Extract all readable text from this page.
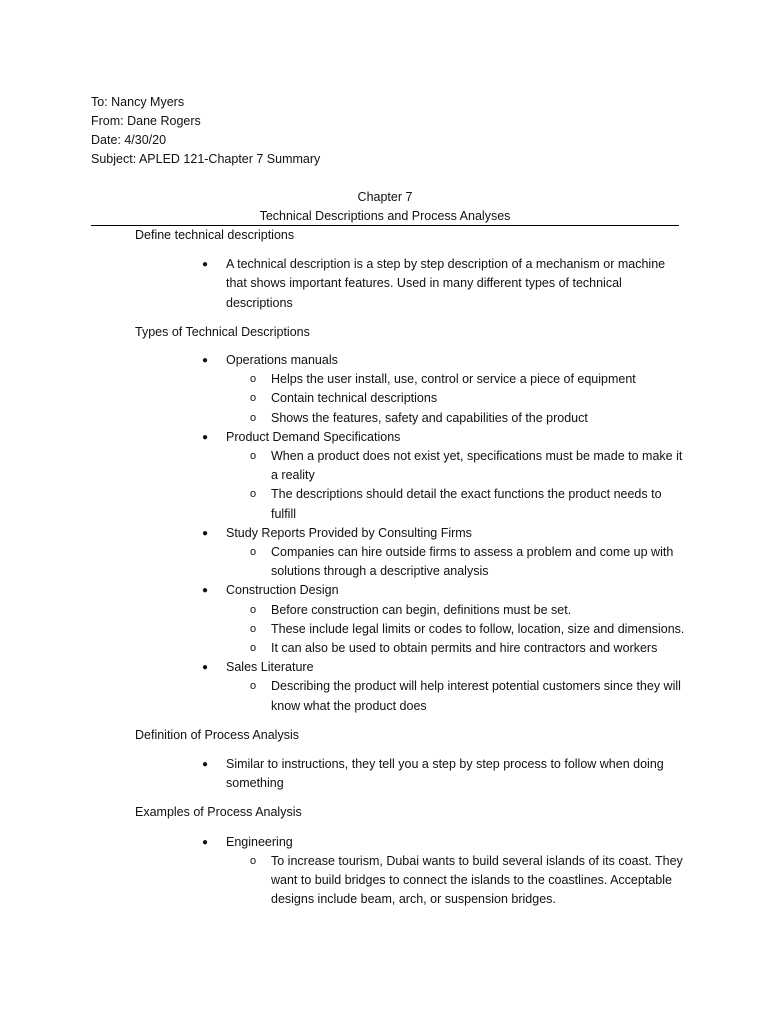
To: Nancy Myers
From: Dane Rogers
Date: 4/30/20
Subject: APLED 121-Chapter 7 Summary
Chapter 7
Technical Descriptions and Process Analyses
Define technical descriptions
● A technical description is a step by step description of a mechanism or machine that shows important features. Used in many different types of technical descriptions
Types of Technical Descriptions
● Operations manuals
o Helps the user install, use, control or service a piece of equipment
o Contain technical descriptions
o Shows the features, safety and capabilities of the product
● Product Demand Specifications
o When a product does not exist yet, specifications must be made to make it a reality
o The descriptions should detail the exact functions the product needs to fulfill
● Study Reports Provided by Consulting Firms
o Companies can hire outside firms to assess a problem and come up with solutions through a descriptive analysis
● Construction Design
o Before construction can begin, definitions must be set.
o These include legal limits or codes to follow, location, size and dimensions.
o It can also be used to obtain permits and hire contractors and workers
● Sales Literature
o Describing the product will help interest potential customers since they will know what the product does
Definition of Process Analysis
● Similar to instructions, they tell you a step by step process to follow when doing something
Examples of Process Analysis
● Engineering
o To increase tourism, Dubai wants to build several islands of its coast. They want to build bridges to connect the islands to the coastlines. Acceptable designs include beam, arch, or suspension bridges.
